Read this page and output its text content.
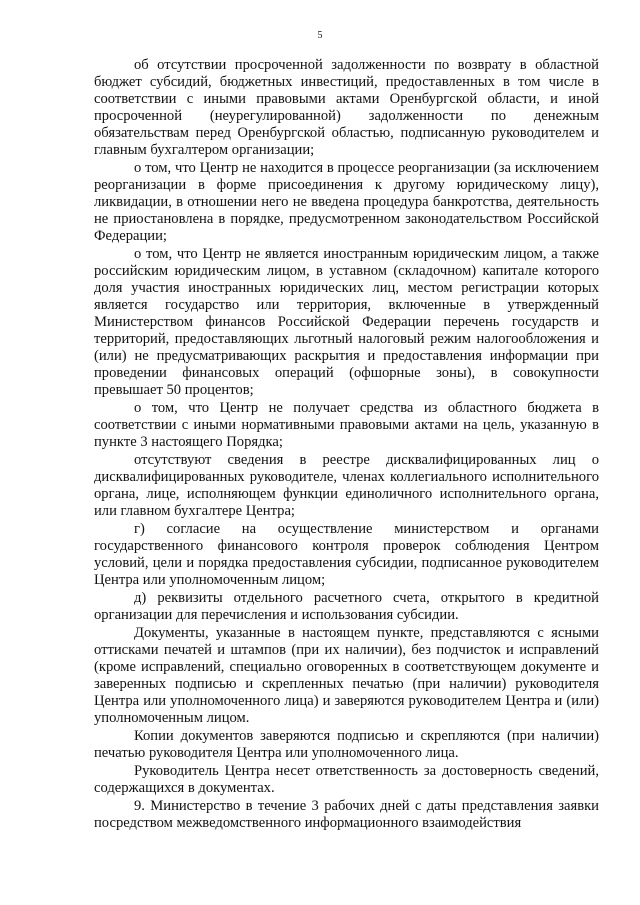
5

об отсутствии просроченной задолженности по возврату в областной бюджет субсидий, бюджетных инвестиций, предоставленных в том числе в соответствии с иными правовыми актами Оренбургской области, и иной просроченной (неурегулированной) задолженности по денежным обязательствам перед Оренбургской областью, подписанную руководителем и главным бухгалтером организации;

о том, что Центр не находится в процессе реорганизации (за исключением реорганизации в форме присоединения к другому юридическому лицу), ликвидации, в отношении него не введена процедура банкротства, деятельность не приостановлена в порядке, предусмотренном законодательством Российской Федерации;

о том, что Центр не является иностранным юридическим лицом, а также российским юридическим лицом, в уставном (складочном) капитале которого доля участия иностранных юридических лиц, местом регистрации которых является государство или территория, включенные в утвержденный Министерством финансов Российской Федерации перечень государств и территорий, предоставляющих льготный налоговый режим налогообложения и (или) не предусматривающих раскрытия и предоставления информации при проведении финансовых операций (офшорные зоны), в совокупности превышает 50 процентов;

о том, что Центр не получает средства из областного бюджета в соответствии с иными нормативными правовыми актами на цель, указанную в пункте 3 настоящего Порядка;

отсутствуют сведения в реестре дисквалифицированных лиц о дисквалифицированных руководителе, членах коллегиального исполнительного органа, лице, исполняющем функции единоличного исполнительного органа, или главном бухгалтере Центра;

г) согласие на осуществление министерством и органами государственного финансового контроля проверок соблюдения Центром условий, цели и порядка предоставления субсидии, подписанное руководителем Центра или уполномоченным лицом;

д) реквизиты отдельного расчетного счета, открытого в кредитной организации для перечисления и использования субсидии.

Документы, указанные в настоящем пункте, представляются с ясными оттисками печатей и штампов (при их наличии), без подчисток и исправлений (кроме исправлений, специально оговоренных в соответствующем документе и заверенных подписью и скрепленных печатью (при наличии) руководителя Центра или уполномоченного лица) и заверяются руководителем Центра и (или) уполномоченным лицом.

Копии документов заверяются подписью и скрепляются (при наличии) печатью руководителя Центра или уполномоченного лица.

Руководитель Центра несет ответственность за достоверность сведений, содержащихся в документах.

9. Министерство в течение 3 рабочих дней с даты представления заявки посредством межведомственного информационного взаимодействия
